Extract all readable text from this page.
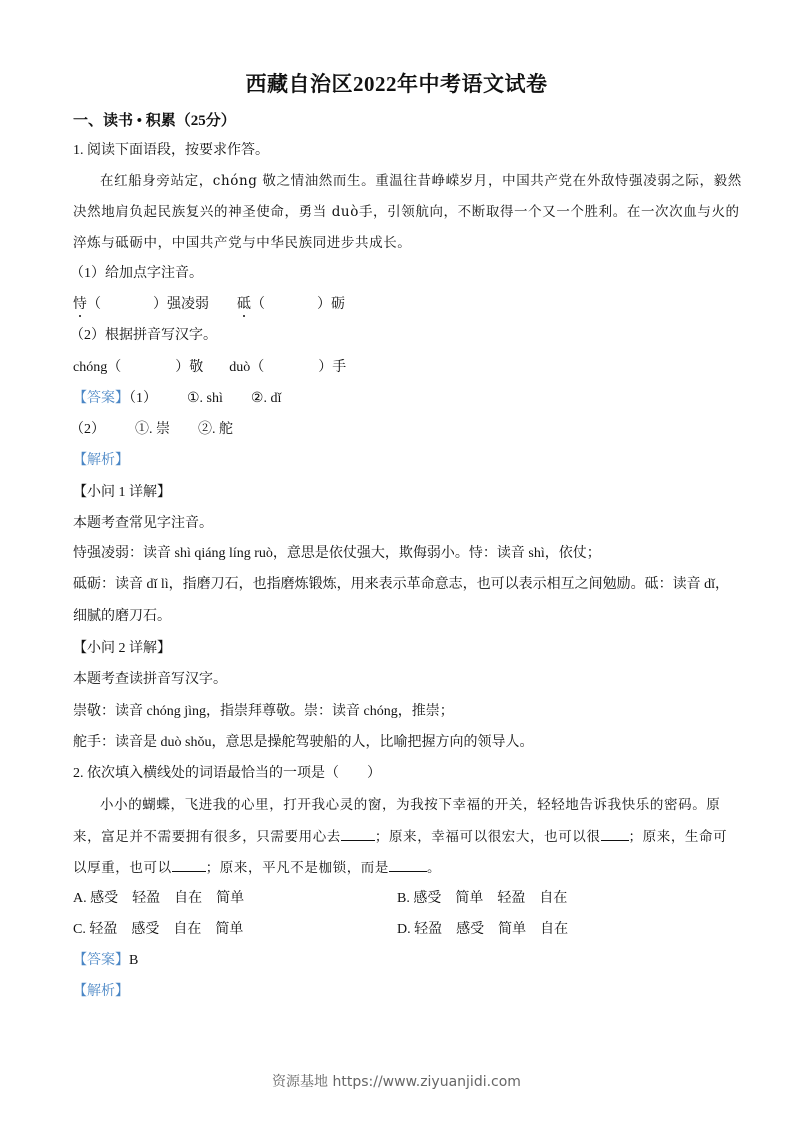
西藏自治区2022年中考语文试卷
一、读书 • 积累（25分）
1. 阅读下面语段，按要求作答。
在红船身旁站定，chóng 敬之情油然而生。重温往昔峥嵘岁月，中国共产党在外敌恃强凌弱之际，毅然
决然地肩负起民族复兴的神圣使命，勇当 duò手，引领航向，不断取得一个又一个胜利。在一次次血与火的
淬炼与砥砺中，中国共产党与中华民族同进步共成长。
（1）给加点字注音。
恃（	）强凌弱 砥（	）砺
（2）根据拼音写汉字。
chóng（	）敬 duò（	）手
【答案】（1） ①. shì ②. dǐ
（2） ①. 崇 ②. 舵
【解析】
【小问 1 详解】
本题考查常见字注音。
恃强凌弱：读音 shì qiáng líng ruò，意思是依仗强大，欺侮弱小。恃：读音 shì，依仗；
砥砺：读音 dǐ lì，指磨刀石，也指磨炼锻炼，用来表示革命意志，也可以表示相互之间勉励。砥：读音 dǐ，
细腻的磨刀石。
【小问 2 详解】
本题考查读拼音写汉字。
崇敬：读音 chóng jìng，指崇拜尊敬。崇：读音 chóng，推崇；
舵手：读音是 duò shǒu，意思是操舵驾驶船的人，比喻把握方向的领导人。
2. 依次填入横线处的词语最恰当的一项是（　　）
小小的蝴蝶，飞进我的心里，打开我心灵的窗，为我按下幸福的开关，轻轻地告诉我快乐的密码。原
来，富足并不需要拥有很多，只需要用心去	；原来，幸福可以很宏大，也可以很 ；原来，生命可
以厚重，也可以	；原来，平凡不是枷锁，而是	。
A. 感受　轻盈　自在　简单	B. 感受　简单　轻盈　自在
C. 轻盈　感受　自在　简单	D. 轻盈　感受　简单　自在
【答案】B
【解析】
资源基地 https://www.ziyuanjidi.com
